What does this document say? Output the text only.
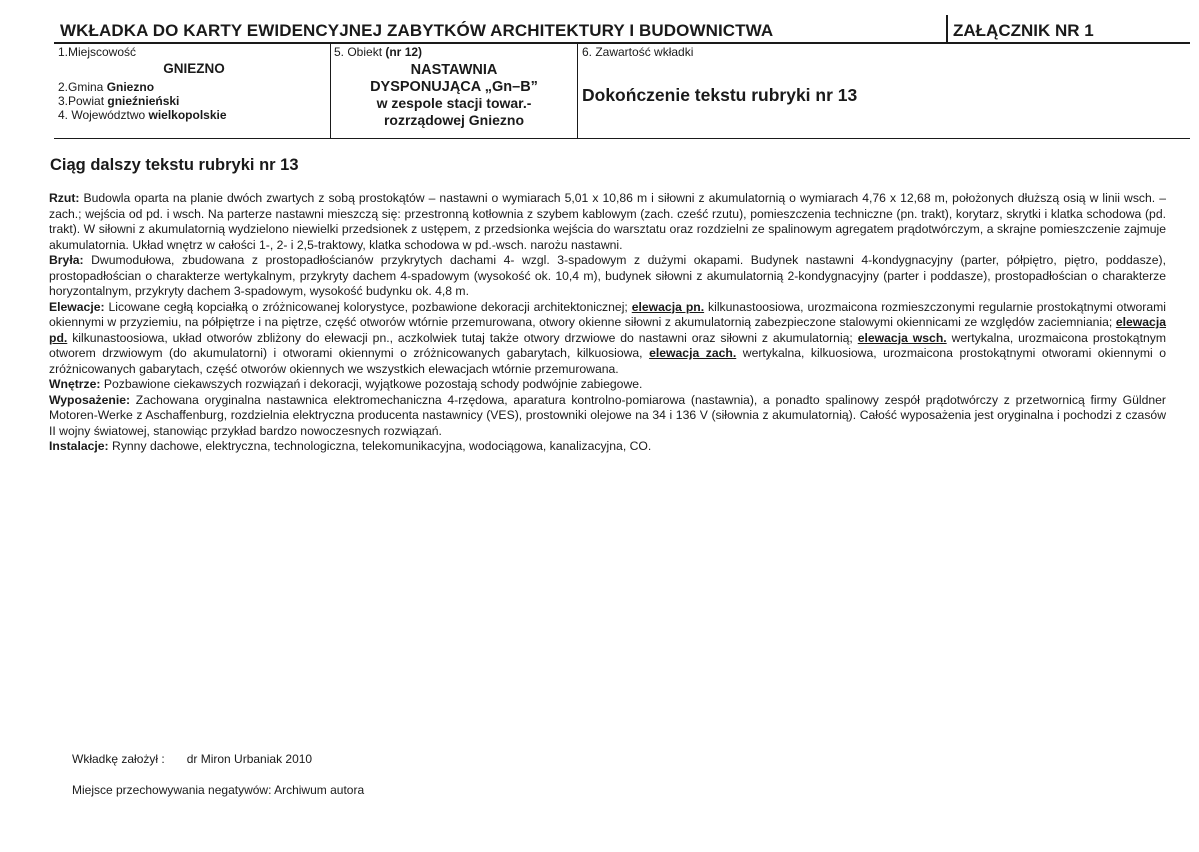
WKŁADKA DO KARTY EWIDENCYJNEJ ZABYTKÓW ARCHITEKTURY I BUDOWNICTWA	ZAŁĄCZNIK NR 1
1.Miejscowość
GNIEZNO
2.Gmina Gniezno
3.Powiat gnieźnieński
4. Województwo wielkopolskie
5. Obiekt (nr 12)
NASTAWNIA
DYSPONUJĄCA „Gn–B”
w zespole stacji towar.-
rozrządowej Gniezno
6. Zawartość wkładki
Dokończenie tekstu rubryki nr 13
Ciąg dalszy tekstu rubryki nr 13

Rzut: Budowla oparta na planie dwóch zwartych z sobą prostokątów – nastawni o wymiarach 5,01 x 10,86 m i siłowni z akumulatornią o wymiarach 4,76 x 12,68 m, położonych dłuższą osią w linii wsch. – zach.; wejścia od pd. i wsch. Na parterze nastawni mieszczą się: przestronną kotłownia z szybem kablowym (zach. cześć rzutu), pomieszczenia techniczne (pn. trakt), korytarz, skrytki i klatka schodowa (pd. trakt). W siłowni z akumulatornią wydzielono niewielki przedsionek z ustępem, z przedsionka wejścia do warsztatu oraz rozdzielni ze spalinowym agregatem prądotwórczym, a skrajne pomieszczenie zajmuje akumulatornia. Układ wnętrz w całości 1-, 2- i 2,5-traktowy, klatka schodowa w pd.-wsch. narożu nastawni.

Bryła: Dwumodułowa, zbudowana z prostopadłościanów przykrytych dachami 4- wzgl. 3-spadowym z dużymi okapami. Budynek nastawni 4-kondygnacyjny (parter, półpiętro, piętro, poddasze), prostopadłościan o charakterze wertykalnym, przykryty dachem 4-spadowym (wysokość ok. 10,4 m), budynek siłowni z akumulatornią 2-kondygnacyjny (parter i poddasze), prostopadłościan o charakterze horyzontalnym, przykryty dachem 3-spadowym, wysokość budynku ok. 4,8 m.

Elewacje: Licowane cegłą kopciałką o zróżnicowanej kolorystyce, pozbawione dekoracji architektonicznej; elewacja pn. kilkunastoosiowa, urozmaicona rozmieszczonymi regularnie prostokątnymi otworami okiennymi w przyziemiu, na półpiętrze i na piętrze, część otworów wtórnie przemurowana, otwory okienne siłowni z akumulatornią zabezpieczone stalowymi okiennicami ze względów zaciemniania; elewacja pd. kilkunastoosiowa, układ otworów zbliżony do elewacji pn., aczkolwiek tutaj także otwory drzwiowe do nastawni oraz siłowni z akumulatornią; elewacja wsch. wertykalna, urozmaicona prostokątnym otworem drzwiowym (do akumulatorni) i otworami okiennymi o zróżnicowanych gabarytach, kilkuosiowa, elewacja zach. wertykalna, kilkuosiowa, urozmaicona prostokątnymi otworami okiennymi o zróżnicowanych gabarytach, część otworów okiennych we wszystkich elewacjach wtórnie przemurowana.

Wnętrze: Pozbawione ciekawszych rozwiązań i dekoracji, wyjątkowe pozostają schody podwójnie zabiegowe.

Wyposażenie: Zachowana oryginalna nastawnica elektromechaniczna 4-rzędowa, aparatura kontrolno-pomiarowa (nastawnia), a ponadto spalinowy zespół prądotwórczy z przetwornicą firmy Güldner Motoren-Werke z Aschaffenburg, rozdzielnia elektryczna producenta nastawnicy (VES), prostowniki olejowe na 34 i 136 V (siłownia z akumulatornią). Całość wyposażenia jest oryginalna i pochodzi z czasów II wojny światowej, stanowiąc przykład bardzo nowoczesnych rozwiązań.

Instalacje: Rynny dachowe, elektryczna, technologiczna, telekomunikacyjna, wodociągowa, kanalizacyjna, CO.

Wkładkę założył : dr Miron Urbaniak 2010
Miejsce przechowywania negatywów: Archiwum autora
